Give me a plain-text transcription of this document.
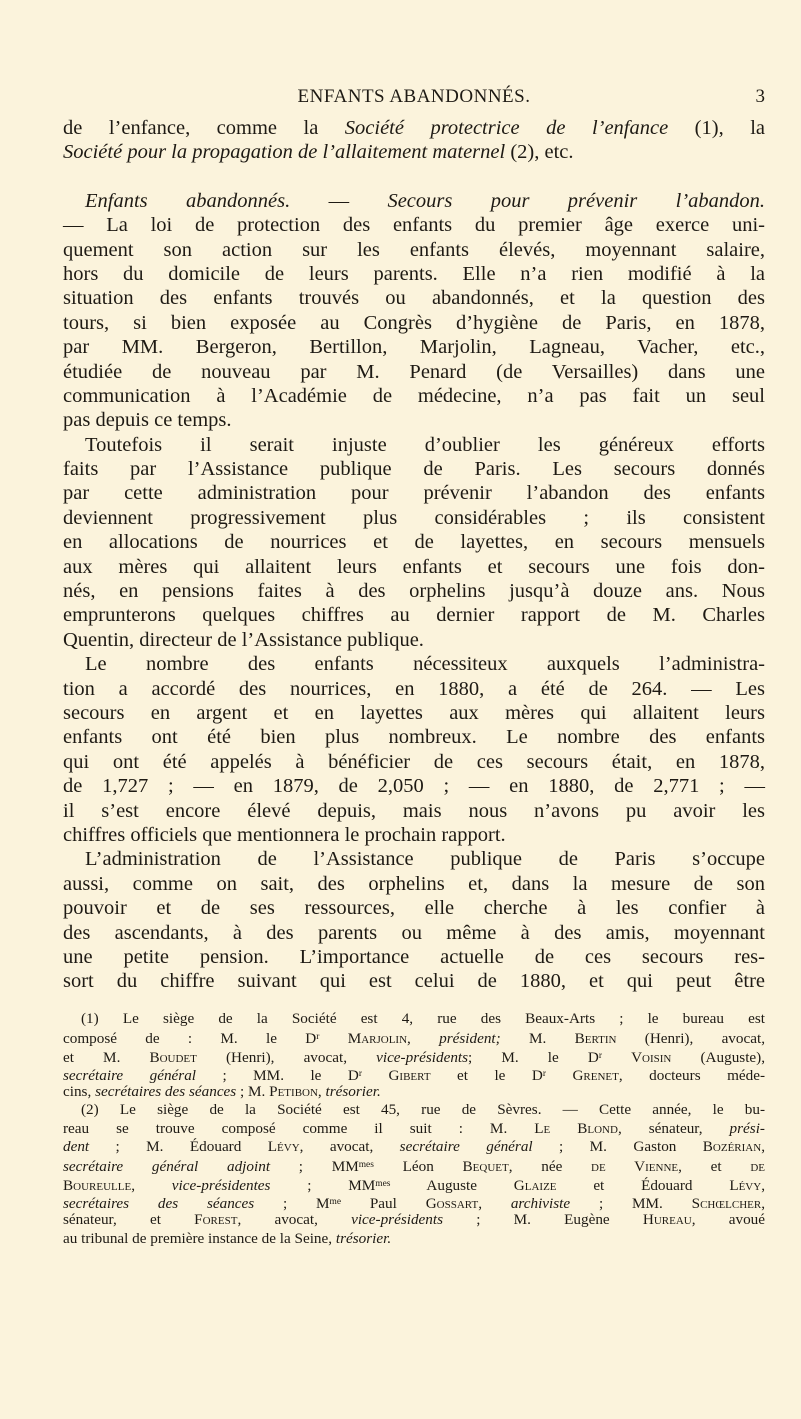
ENFANTS ABANDONNÉS.	3
de l’enfance, comme la Société protectrice de l’enfance (1), la
Société pour la propagation de l’allaitement maternel (2), etc.
Enfants abandonnés. — Secours pour prévenir l’abandon.
— La loi de protection des enfants du premier âge exerce uni-
quement son action sur les enfants élevés, moyennant salaire,
hors du domicile de leurs parents. Elle n’a rien modifié à la
situation des enfants trouvés ou abandonnés, et la question des
tours, si bien exposée au Congrès d’hygiène de Paris, en 1878,
par MM. Bergeron, Bertillon, Marjolin, Lagneau, Vacher, etc.,
étudiée de nouveau par M. Penard (de Versailles) dans une
communication à l’Académie de médecine, n’a pas fait un seul
pas depuis ce temps.
Toutefois il serait injuste d’oublier les généreux efforts
faits par l’Assistance publique de Paris. Les secours donnés
par cette administration pour prévenir l’abandon des enfants
deviennent progressivement plus considérables ; ils consistent
en allocations de nourrices et de layettes, en secours mensuels
aux mères qui allaitent leurs enfants et secours une fois don-
nés, en pensions faites à des orphelins jusqu’à douze ans. Nous
emprunterons quelques chiffres au dernier rapport de M. Charles
Quentin, directeur de l’Assistance publique.
Le nombre des enfants nécessiteux auxquels l’administra-
tion a accordé des nourrices, en 1880, a été de 264. — Les
secours en argent et en layettes aux mères qui allaitent leurs
enfants ont été bien plus nombreux. Le nombre des enfants
qui ont été appelés à bénéficier de ces secours était, en 1878,
de 1,727 ; — en 1879, de 2,050 ; — en 1880, de 2,771 ; —
il s’est encore élevé depuis, mais nous n’avons pu avoir les
chiffres officiels que mentionnera le prochain rapport.
L’administration de l’Assistance publique de Paris s’occupe
aussi, comme on sait, des orphelins et, dans la mesure de son
pouvoir et de ses ressources, elle cherche à les confier à
des ascendants, à des parents ou même à des amis, moyennant
une petite pension. L’importance actuelle de ces secours res-
sort du chiffre suivant qui est celui de 1880, et qui peut être
(1) Le siège de la Société est 4, rue des Beaux-Arts ; le bureau est
composé de : M. le $D^r$ Marjolin, président; M. Bertin (Henri), avocat,
et M. Boudet (Henri), avocat, vice-présidents; M. le $D^r$ Voisin (Auguste),
secrétaire général ; MM. le $D^r$ Gibert et le $D^r$ Grenet, docteurs méde-
cins, secrétaires des séances ; M. Petibon, trésorier.
(2) Le siège de la Société est 45, rue de Sèvres. — Cette année, le bu-
reau se trouve composé comme il suit : M. Le Blond, sénateur, prési-
dent ; M. Édouard Lévy, avocat, secrétaire général ; M. Gaston Bozérian,
secrétaire général adjoint ; $MM^{mes}$ Léon Bequet, née de Vienne, et de
Boureulle, vice-présidentes ; $MM^{mes}$ Auguste Glaize et Édouard Lévy,
secrétaires des séances ; $M^{me}$ Paul Gossart, archiviste ; MM. Schœlcher,
sénateur, et Forest, avocat, vice-présidents ; M. Eugène Hureau, avoué
au tribunal de première instance de la Seine, trésorier.
